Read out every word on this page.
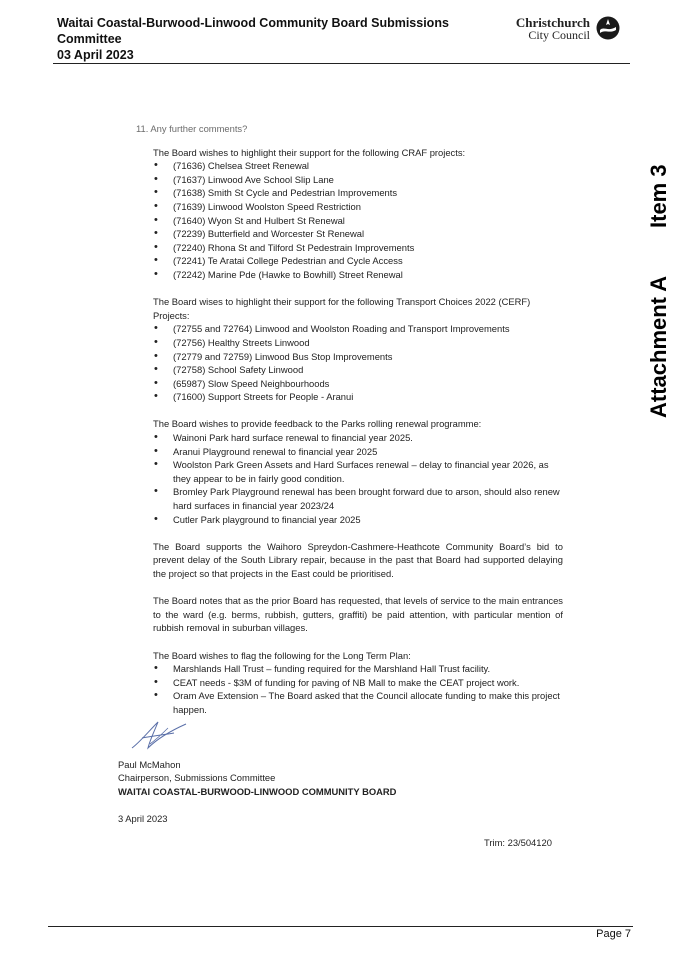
Waitai Coastal-Burwood-Linwood Community Board Submissions
Committee
03 April 2023
Christchurch
City Council
Item 3
Attachment A
11. Any further comments?

The Board wishes to highlight their support for the following CRAF projects:

• (71636) Chelsea Street Renewal
• (71637) Linwood Ave School Slip Lane
• (71638) Smith St Cycle and Pedestrian Improvements
• (71639) Linwood Woolston Speed Restriction
• (71640) Wyon St and Hulbert St Renewal
• (72239) Butterfield and Worcester St Renewal
• (72240) Rhona St and Tilford St Pedestrain Improvements
• (72241) Te Aratai College Pedestrian and Cycle Access
• (72242) Marine Pde (Hawke to Bowhill) Street Renewal

The Board wises to highlight their support for the following Transport Choices 2022 (CERF) Projects:

• (72755 and 72764) Linwood and Woolston Roading and Transport Improvements
• (72756) Healthy Streets Linwood
• (72779 and 72759) Linwood Bus Stop Improvements
• (72758) School Safety Linwood
• (65987) Slow Speed Neighbourhoods
• (71600) Support Streets for People - Aranui

The Board wishes to provide feedback to the Parks rolling renewal programme:

• Wainoni Park hard surface renewal to financial year 2025.
• Aranui Playground renewal to financial year 2025
• Woolston Park Green Assets and Hard Surfaces renewal – delay to financial year 2026, as they appear to be in fairly good condition.
• Bromley Park Playground renewal has been brought forward due to arson, should also renew hard surfaces in financial year 2023/24
• Cutler Park playground to financial year 2025

The Board supports the Waihoro Spreydon-Cashmere-Heathcote Community Board’s bid to prevent delay of the South Library repair, because in the past that Board had supported delaying the project so that projects in the East could be prioritised.

The Board notes that as the prior Board has requested, that levels of service to the main entrances to the ward (e.g. berms, rubbish, gutters, graffiti) be paid attention, with particular mention of rubbish removal in suburban villages.

The Board wishes to flag the following for the Long Term Plan:

• Marshlands Hall Trust – funding required for the Marshland Hall Trust facility.
• CEAT needs - $3M of funding for paving of NB Mall to make the CEAT project work.
• Oram Ave Extension – The Board asked that the Council allocate funding to make this project happen.
Paul McMahon
Chairperson, Submissions Committee
WAITAI COASTAL-BURWOOD-LINWOOD COMMUNITY BOARD
3 April 2023
Trim: 23/504120
Page 7
